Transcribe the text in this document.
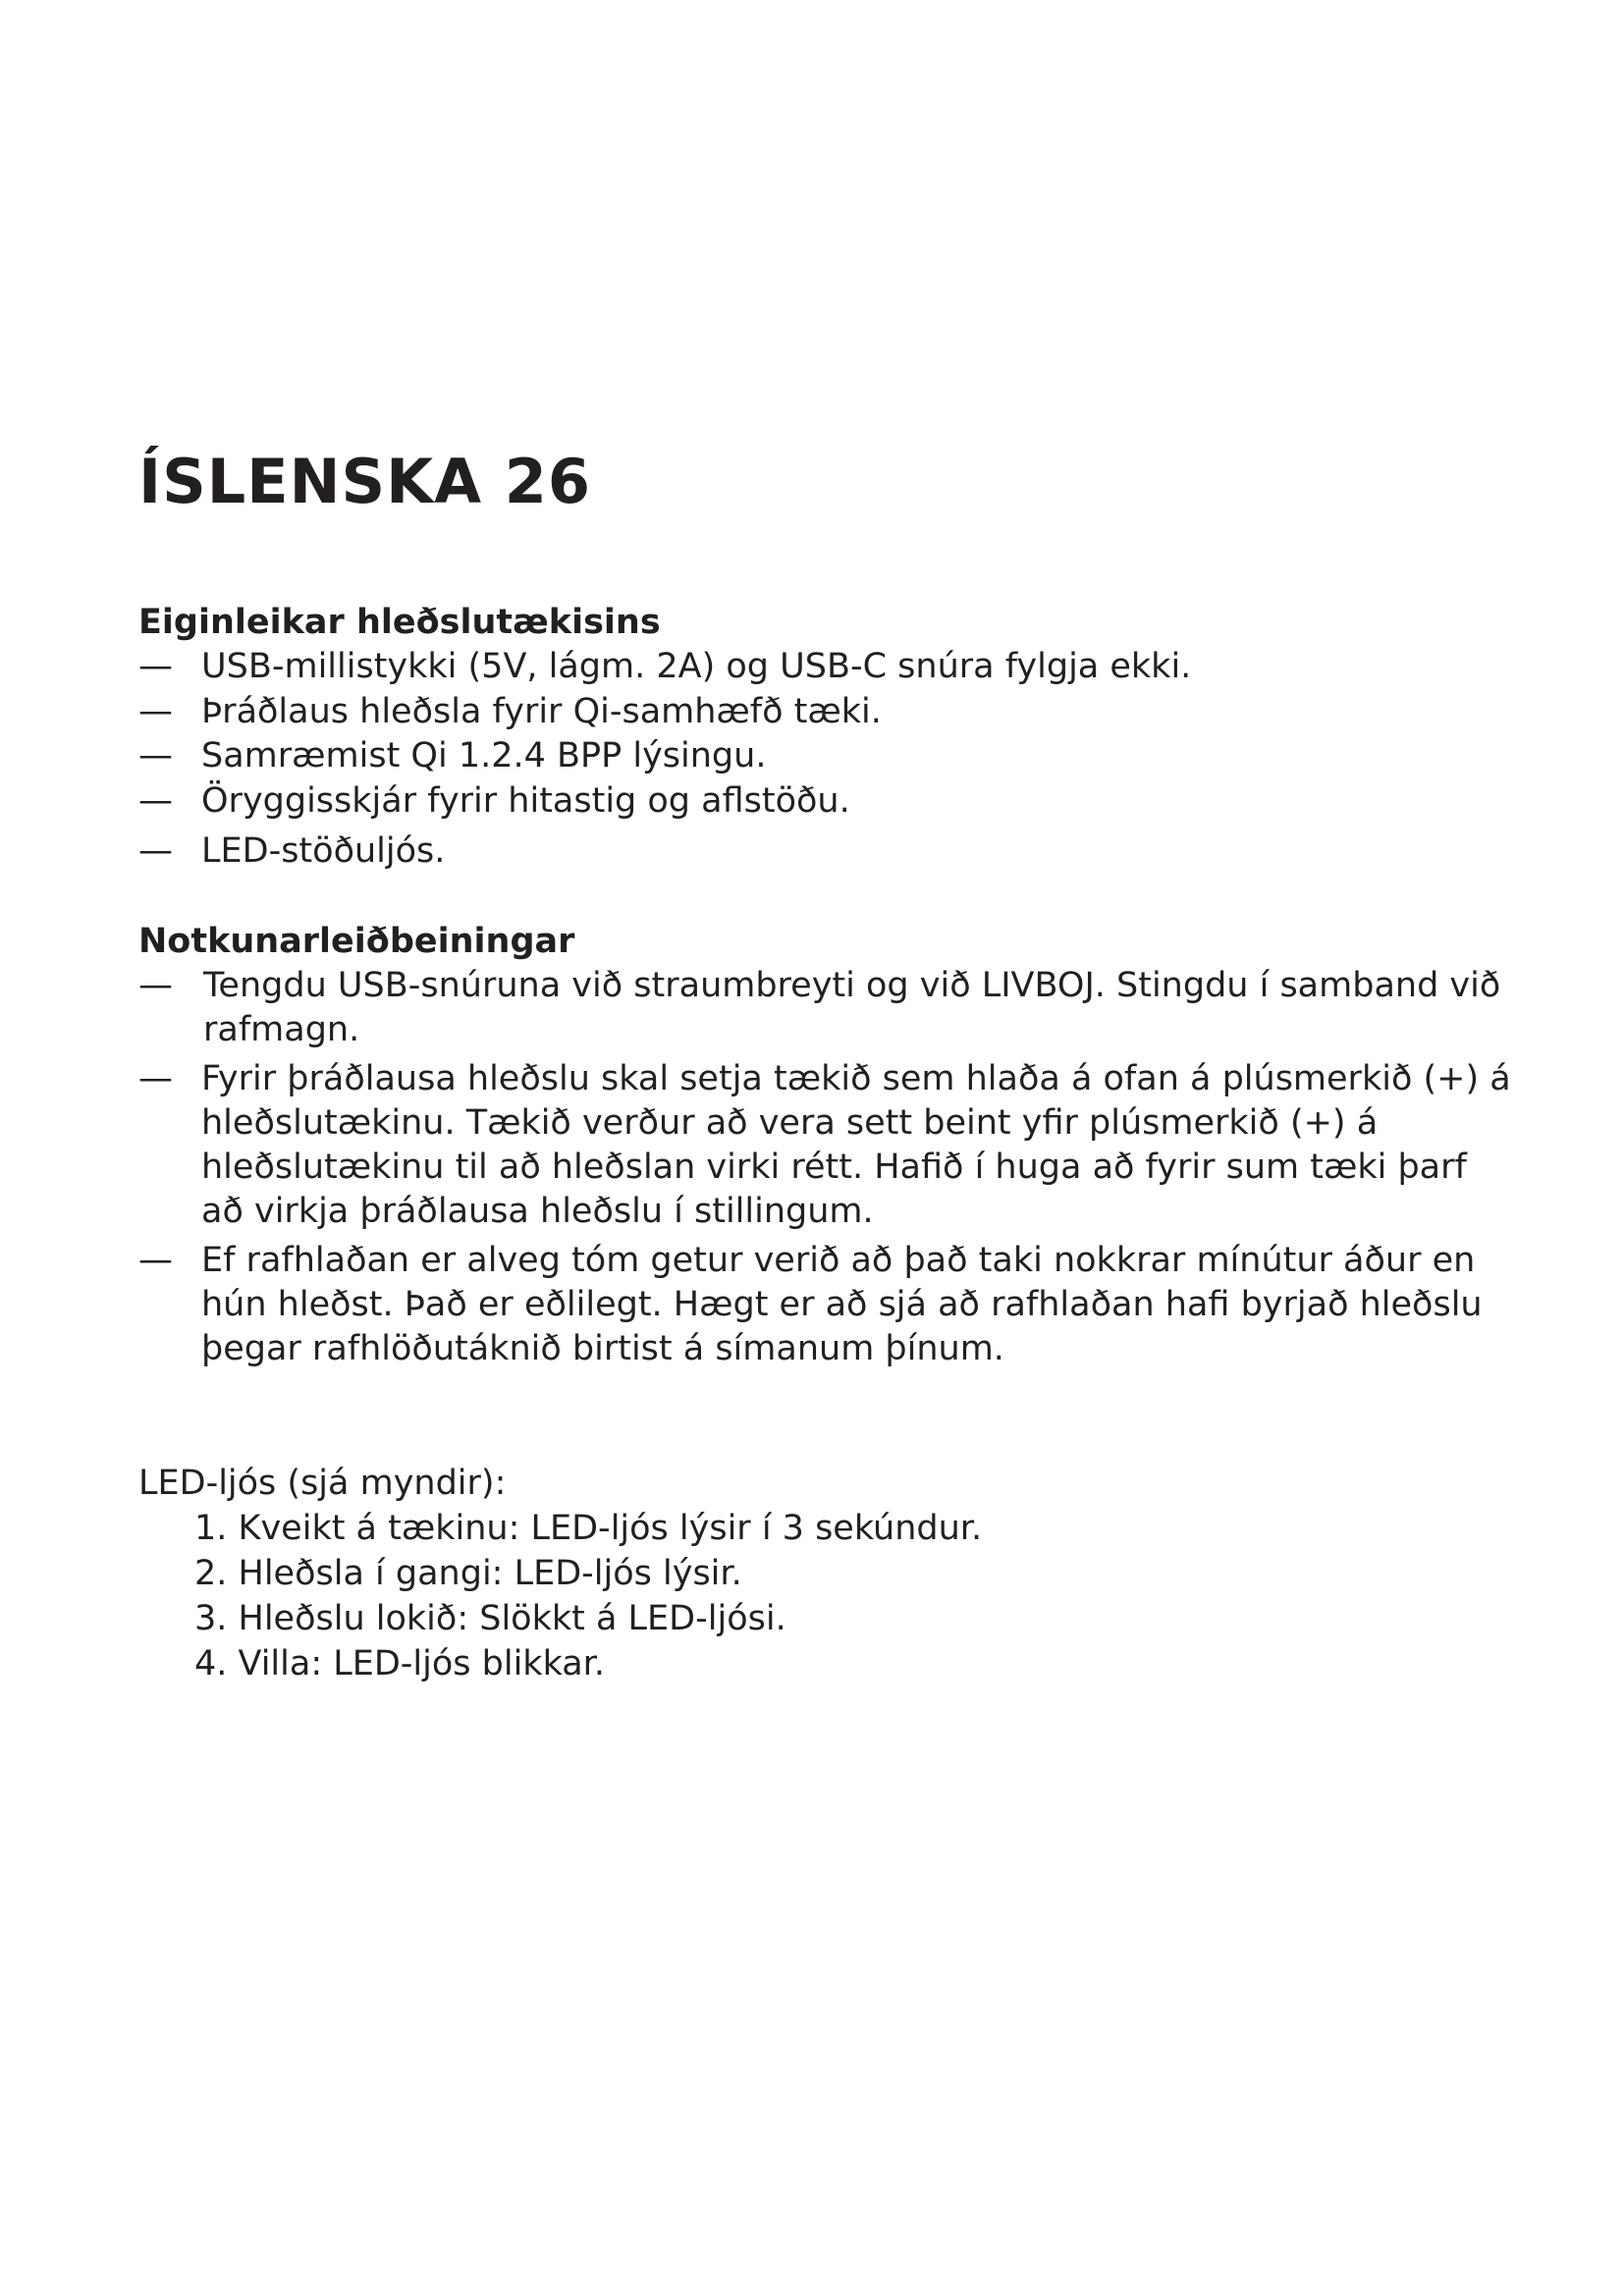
ÍSLENSKA 26
Eiginleikar hleðslutækisins
— USB-millistykki (5V, lágm. 2A) og USB-C snúra fylgja ekki.
— Þráðlaus hleðsla fyrir Qi-samhæfð tæki.
— Samræmist Qi 1.2.4 BPP lýsingu.
— Öryggisskjár fyrir hitastig og aflstöðu.
— LED-stöðuljós.
Notkunarleiðbeiningar
— Tengdu USB-snúruna við straumbreyti og við LIVBOJ. Stingdu í samband við rafmagn.
— Fyrir þráðlausa hleðslu skal setja tækið sem hlaða á ofan á plúsmerkið (+) á hleðslutækinu. Tækið verður að vera sett beint yfir plúsmerkið (+) á hleðslutækinu til að hleðslan virki rétt. Hafið í huga að fyrir sum tæki þarf að virkja þráðlausa hleðslu í stillingum.
— Ef rafhlaðan er alveg tóm getur verið að það taki nokkrar mínútur áður en hún hleðst. Það er eðlilegt. Hægt er að sjá að rafhlaðan hafi byrjað hleðslu þegar rafhlöðutáknið birtist á símanum þínum.

LED-ljós (sjá myndir):

1. Kveikt á tækinu: LED-ljós lýsir í 3 sekúndur.
2. Hleðsla í gangi: LED-ljós lýsir.
3. Hleðslu lokið: Slökkt á LED-ljósi.
4. Villa: LED-ljós blikkar.
